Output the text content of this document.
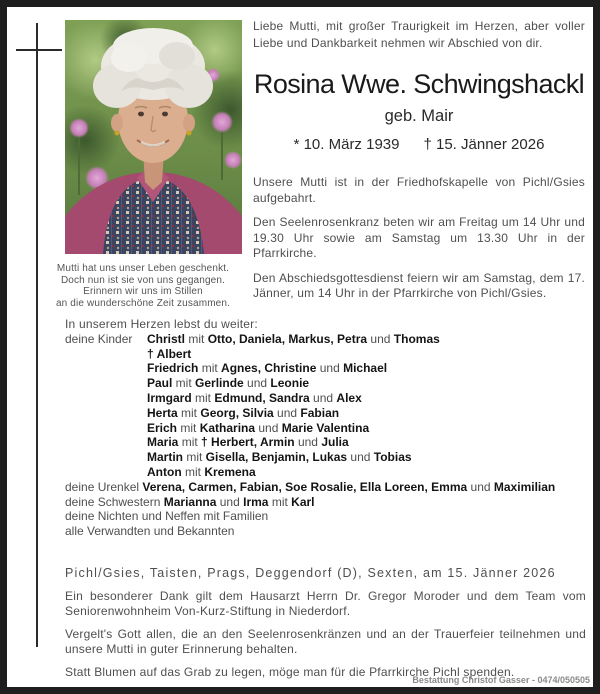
Mutti hat uns unser Leben geschenkt.
Doch nun ist sie von uns gegangen.
Erinnern wir uns im Stillen
an die wunderschöne Zeit zusammen.

Liebe Mutti, mit großer Traurigkeit im Herzen, aber voller Liebe und Dankbarkeit nehmen wir Abschied von dir.

Rosina Wwe. Schwingshackl
geb. Mair
* 10. März 1939 † 15. Jänner 2026

Unsere Mutti ist in der Friedhofskapelle von Pichl/Gsies aufgebahrt.

Den Seelenrosenkranz beten wir am Freitag um 14 Uhr und 19.30 Uhr sowie am Samstag um 13.30 Uhr in der Pfarrkirche.

Den Abschiedsgottesdienst feiern wir am Samstag, dem 17. Jänner, um 14 Uhr in der Pfarrkirche von Pichl/Gsies.

In unserem Herzen lebst du weiter:
deine Kinder	Christl mit Otto, Daniela, Markus, Petra und Thomas
† Albert
Friedrich mit Agnes, Christine und Michael
Paul mit Gerlinde und Leonie
Irmgard mit Edmund, Sandra und Alex
Herta mit Georg, Silvia und Fabian
Erich mit Katharina und Marie Valentina
Maria mit † Herbert, Armin und Julia
Martin mit Gisella, Benjamin, Lukas und Tobias
Anton mit Kremena
deine Urenkel Verena, Carmen, Fabian, Soe Rosalie, Ella Loreen, Emma und Maximilian
deine Schwestern Marianna und Irma mit Karl
deine Nichten und Neffen mit Familien
alle Verwandten und Bekannten
Pichl/Gsies, Taisten, Prags, Deggendorf (D), Sexten, am 15. Jänner 2026

Ein besonderer Dank gilt dem Hausarzt Herrn Dr. Gregor Moroder und dem Team vom Seniorenwohnheim Von-Kurz-Stiftung in Niederdorf.

Vergelt's Gott allen, die an den Seelenrosenkränzen und an der Trauerfeier teilnehmen und unsere Mutti in guter Erinnerung behalten.

Statt Blumen auf das Grab zu legen, möge man für die Pfarrkirche Pichl spenden.

Bestattung Christof Gasser - 0474/050505
